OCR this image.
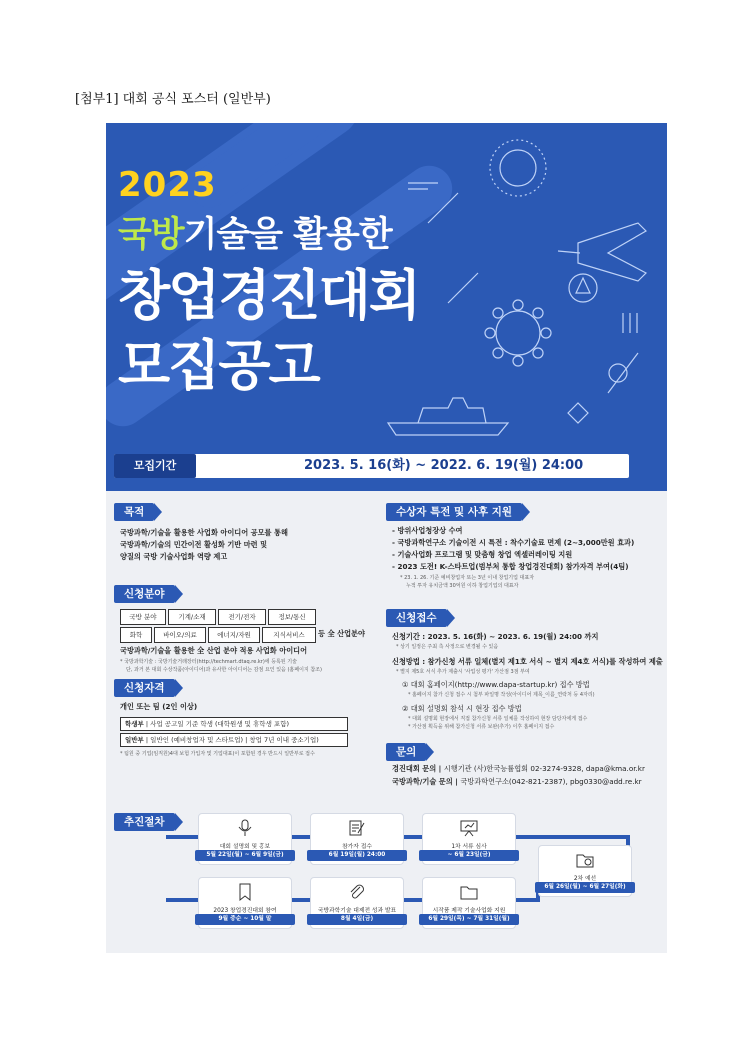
[첨부1] 대회 공식 포스터 (일반부)
2023
국방기술을 활용한
창업경진대회
모집공고
모집기간	2023. 5. 16(화) ~ 2022. 6. 19(월) 24:00
목적
국방과학/기술을 활용한 사업화 아이디어 공모를 통해
국방과학/기술의 민간이전 활성화 기반 마련 및
양질의 국방 기술사업화 역량 제고
신청분야
국방 분야	기계/소재	전기/전자	정보/통신
화학	바이오/의료	에너지/자원	지식서비스	등 全 산업분야
국방과학/기술을 활용한 全 산업 분야 적용 사업화 아이디어
* 국방과학기술 : 국방기술거래장터(http://techmart.dtaq.re.kr)에 등록된 기술
단, 과거 본 대회 수상작품(아이디어)과 유사한 아이디어는 감점 요인 있음 (홈페이지 참조)
신청자격
개인 또는 팀 (2인 이상)
학생부 | 사업 공고일 기준 학생 (대학원생 및 휴학생 포함)
일반부 | 일반인 (예비창업자 및 스타트업) | 창업 7년 이내 중소기업)
* 팀원 중 기업(임직원)4대 보험 가입자 및 기업대표)이 포함된 경우 반드시 일반부로 접수
수상자 특전 및 사후 지원
- 방위사업청장상 수여
- 국방과학연구소 기술이전 시 특전 : 착수기술료 면제 (2~3,000만원 효과)
- 기술사업화 프로그램 및 맞춤형 창업 엑셀러레이팅 지원
- 2023 도전! K-스타트업(범부처 통합 창업경진대회) 참가자격 부여(4팀)
* 23. 1. 26. 기준 예비창업자 또는 3년 이내 창업기업 대표자
누적 투자 유치금액 30억원 이하 창업기업의 대표자
신청접수
신청기간 : 2023. 5. 16(화) ~ 2023. 6. 19(월) 24:00 까지
* 상기 일정은 주최 측 사정으로 변경될 수 있음
신청방법 : 참가신청 서류 일체(별지 제1호 서식 ~ 별지 제4호 서식)를 작성하여 제출
* 별지 제5호 서식 추가 제출시 '사업성 평가' 가산점 3점 부여
① 대회 홈페이지(http://www.dapa-startup.kr) 접수 방법
* 홈페이지 참가 신청 접수 시 첨부 파일명 작성(아이디어 제목_이름_연락처 등 4자리)
② 대회 설명회 참석 시 현장 접수 방법
* 대회 설명회 현장에서 직접 참가신청 서류 일체를 작성하여 현장 담당자에게 접수
* 가산점 획득을 위해 참가신청 서류 보완(추가) 이후 홈페이지 접수
문의
경진대회 문의 | 시행기관 (사)한국능률협회 02-3274-9328, dapa@kma.or.kr
국방과학/기술 문의 | 국방과학연구소(042-821-2387), pbg0330@add.re.kr
추진절차
대회 설명회 및 홍보
5월 22일(월) ~ 6월 9일(금)
참가자 접수
6월 19일(월) 24:00
1차 서류 심사
~ 6월 23일(금)
2차 예선
6월 26일(월) ~ 6월 27일(화)
시작품 제작 기술사업화 지원
6월 29일(목) ~ 7월 31일(월)
국방과학기술 대제전 성과 발표
8월 4일(금)
2023 창업경진대회 참여
9월 중순 ~ 10월 말
